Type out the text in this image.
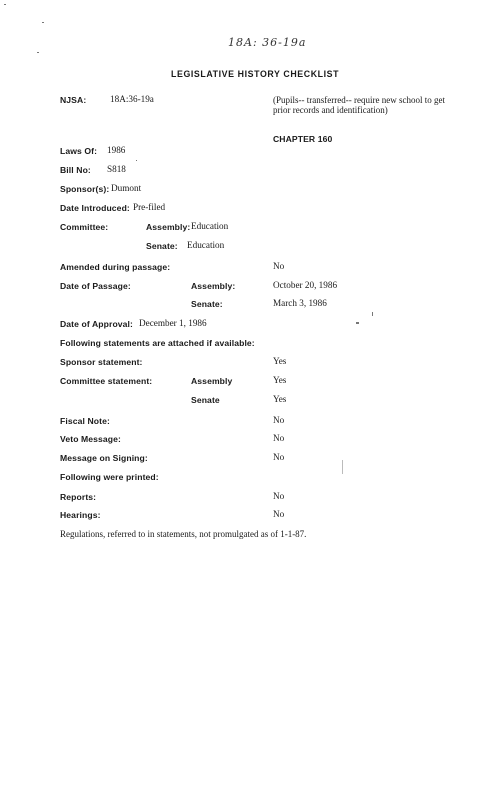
18A: 36-19a
LEGISLATIVE HISTORY CHECKLIST
NJSA:	18A:36-19a	(Pupils-- transferred-- require new school to get prior records and identification)
CHAPTER 160
Laws Of: 1986
Bill No: S818
Sponsor(s): Dumont
Date Introduced: Pre-filed
Committee:	Assembly: Education
Senate: Education
Amended during passage:	No
Date of Passage:	Assembly:	October 20, 1986
Senate:	March 3, 1986
Date of Approval: December 1, 1986
Following statements are attached if available:
Sponsor statement:	Yes
Committee statement:	Assembly	Yes
Senate	Yes
Fiscal Note:	No
Veto Message:	No
Message on Signing:	No
Following were printed:
Reports:	No
Hearings:	No
Regulations, referred to in statements, not promulgated as of 1-1-87.
